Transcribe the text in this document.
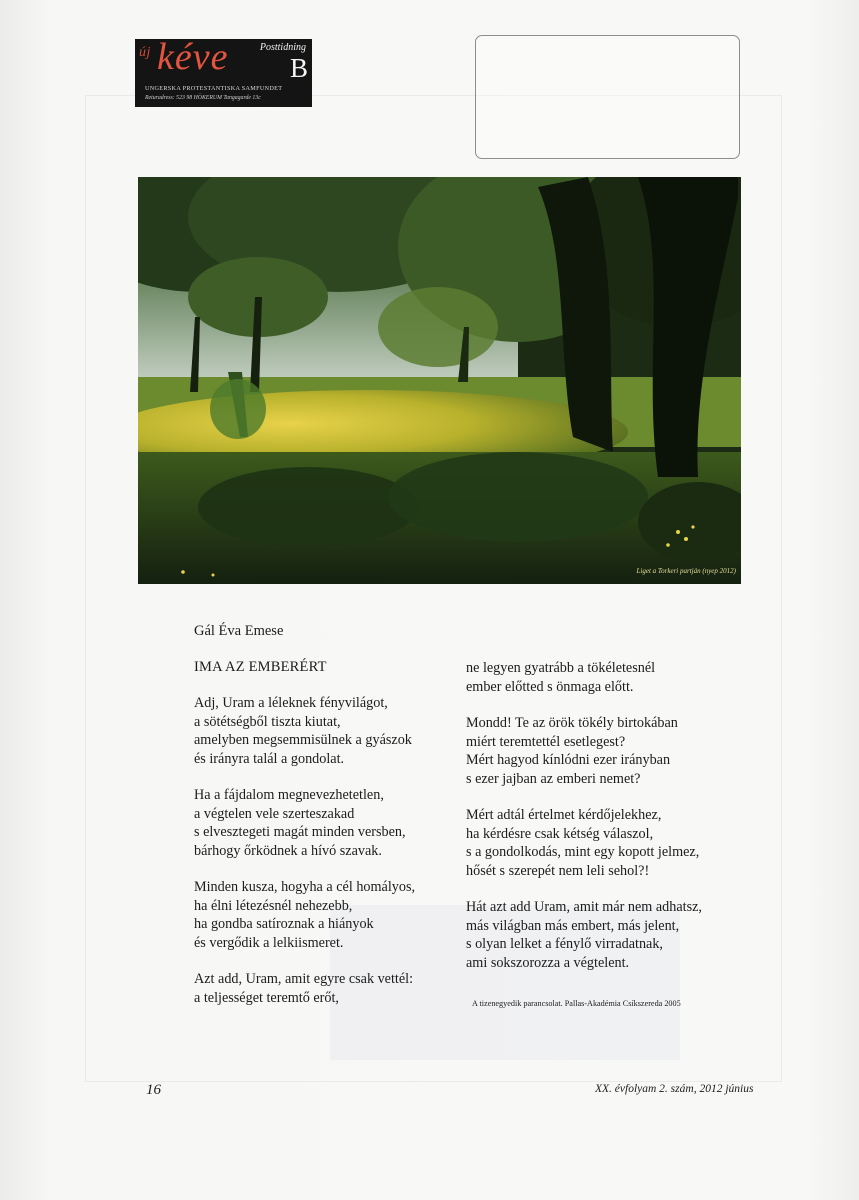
új kéve	Posttidning
B
UNGERSKA PROTESTANTISKA SAMFUNDET
Returadress: 523 98 HÖKERUM Tangagarde 13c
Liget a Torkeri partján (nyep 2012)
Gál Éva Emese
IMA AZ EMBERÉRT
Adj, Uram a léleknek fényvilágot,
a sötétségből tiszta kiutat,
amelyben megsemmisülnek a gyászok
és irányra talál a gondolat.
Ha a fájdalom megnevezhetetlen,
a végtelen vele szerteszakad
s elvesztegeti magát minden versben,
bárhogy őrködnek a hívó szavak.
Minden kusza, hogyha a cél homályos,
ha élni létezésnél nehezebb,
ha gondba satíroznak a hiányok
és vergődik a lelkiismeret.
Azt add, Uram, amit egyre csak vettél:
a teljességet teremtő erőt,
ne legyen gyatrább a tökéletesnél
ember előtted s önmaga előtt.
Mondd! Te az örök tökély birtokában
miért teremtettél esetlegest?
Mért hagyod kínlódni ezer irányban
s ezer jajban az emberi nemet?
Mért adtál értelmet kérdőjelekhez,
ha kérdésre csak kétség válaszol,
s a gondolkodás, mint egy kopott jelmez,
hősét s szerepét nem leli sehol?!
Hát azt add Uram, amit már nem adhatsz,
más világban más embert, más jelent,
s olyan lelket a fénylő virradatnak,
ami sokszorozza a végtelent.
A tizenegyedik parancsolat. Pallas-Akadémia Csíkszereda 2005
16	XX. évfolyam 2. szám, 2012 június
